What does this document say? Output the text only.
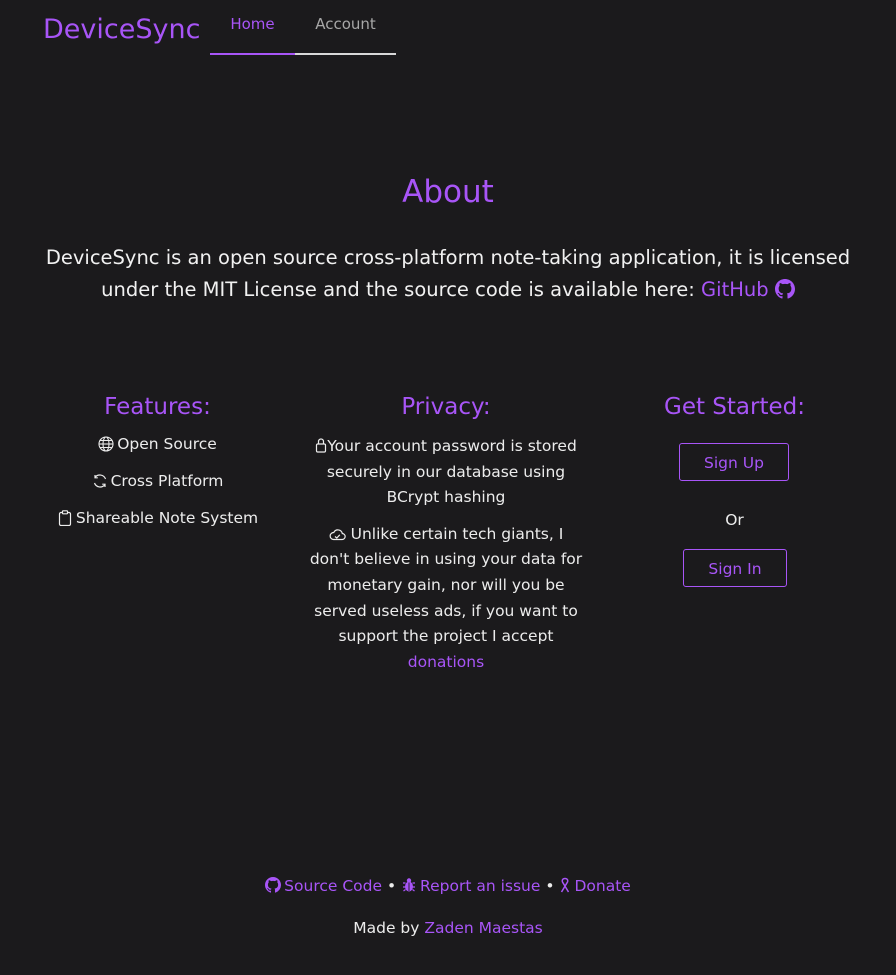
DeviceSync	Home	Account
About
DeviceSync is an open source cross-platform note-taking application, it is licensed under the MIT License and the source code is available here: GitHub
Features:
Open Source
Cross Platform
Shareable Note System
Privacy:
Your account password is stored securely in our database using BCrypt hashing
Unlike certain tech giants, I don't believe in using your data for monetary gain, nor will you be served useless ads, if you want to support the project I accept
donations
Get Started:
Sign Up
Or
Sign In
Source Code • Report an issue • Donate
Made by Zaden Maestas
